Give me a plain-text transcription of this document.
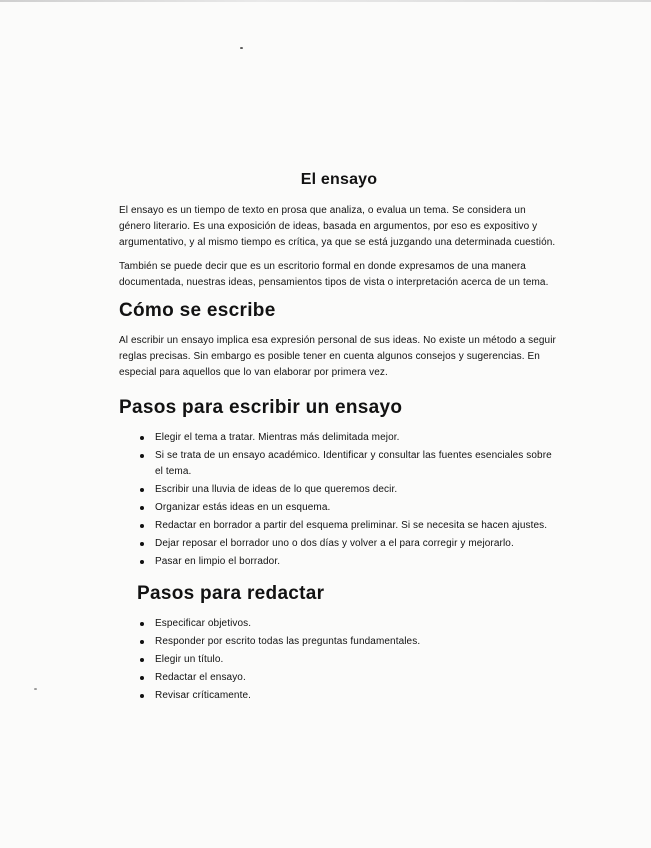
El ensayo

El ensayo es un tiempo de texto en prosa que analiza, o evalua un tema. Se considera un género literario. Es una exposición de ideas, basada en argumentos, por eso es expositivo y argumentativo, y al mismo tiempo es crítica, ya que se está juzgando una determinada cuestión.

También se puede decir que es un escritorio formal en donde expresamos de una manera documentada, nuestras ideas, pensamientos tipos de vista o interpretación acerca de un tema.

Cómo se escribe

Al escribir un ensayo implica esa expresión personal de sus ideas. No existe un método a seguir reglas precisas. Sin embargo es posible tener en cuenta algunos consejos y sugerencias. En especial para aquellos que lo van elaborar por primera vez.

Pasos para escribir un ensayo
Elegir el tema a tratar. Mientras más delimitada mejor.
Si se trata de un ensayo académico. Identificar y consultar las fuentes esenciales sobre el tema.
Escribir una lluvia de ideas de lo que queremos decir.
Organizar estás ideas en un esquema.
Redactar en borrador a partir del esquema preliminar. Si se necesita se hacen ajustes.
Dejar reposar el borrador uno o dos días y volver a el para corregir y mejorarlo.
Pasar en limpio el borrador.
Pasos para redactar
Especificar objetivos.
Responder por escrito todas las preguntas fundamentales.
Elegir un título.
Redactar el ensayo.
Revisar críticamente.
